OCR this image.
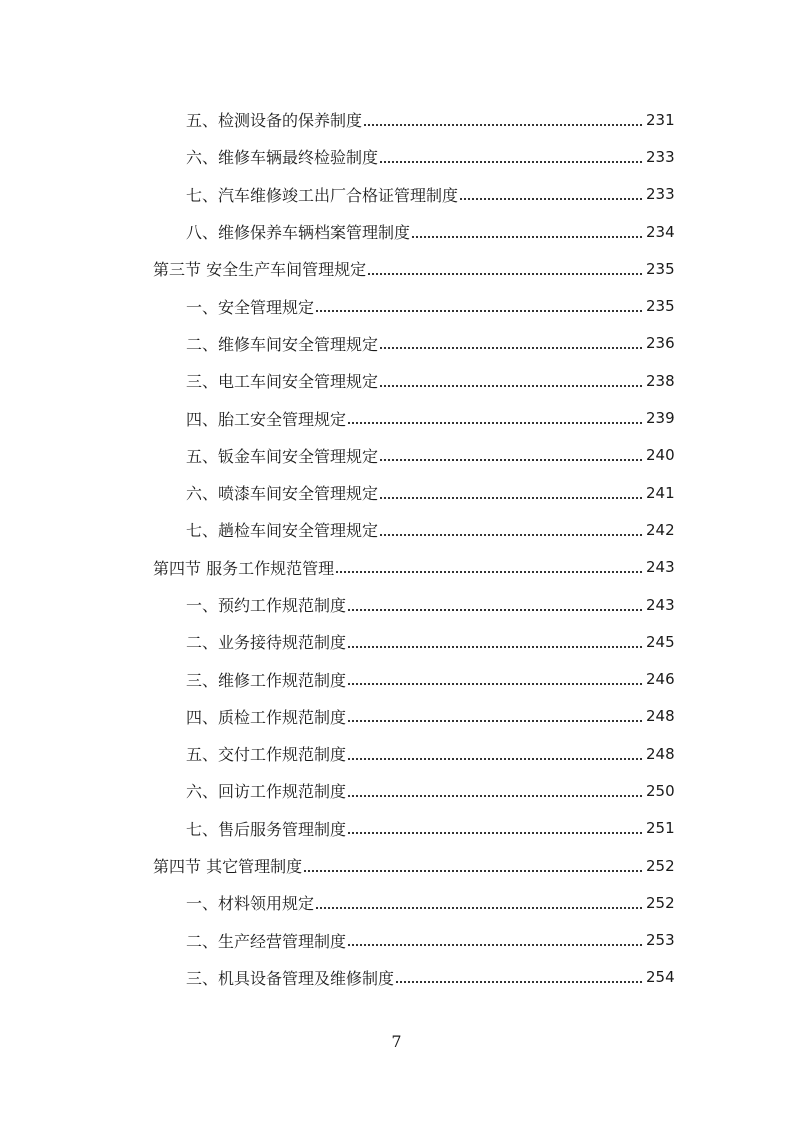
五、检测设备的保养制度	231
六、维修车辆最终检验制度	233
七、汽车维修竣工出厂合格证管理制度	233
八、维修保养车辆档案管理制度	234
第三节 安全生产车间管理规定	235
一、安全管理规定	235
二、维修车间安全管理规定	236
三、电工车间安全管理规定	238
四、胎工安全管理规定	239
五、钣金车间安全管理规定	240
六、喷漆车间安全管理规定	241
七、趟检车间安全管理规定	242
第四节 服务工作规范管理	243
一、预约工作规范制度	243
二、业务接待规范制度	245
三、维修工作规范制度	246
四、质检工作规范制度	248
五、交付工作规范制度	248
六、回访工作规范制度	250
七、售后服务管理制度	251
第四节 其它管理制度	252
一、材料领用规定	252
二、生产经营管理制度	253
三、机具设备管理及维修制度	254
7
